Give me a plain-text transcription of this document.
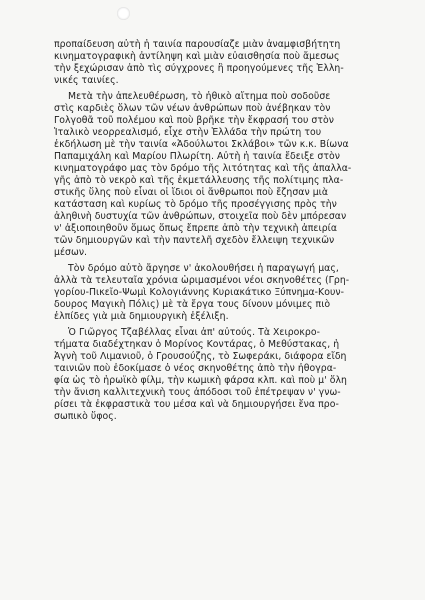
προπαίδευση αὐτὴ ἡ ταινία παρουσίαζε μιὰν ἀναμφισβήτητη
κινηματογραφικὴ ἀντίληψη καὶ μιὰν εὐαισθησία ποὺ ἄμεσως
τὴν ξεχώρισαν ἀπὸ τὶς σύγχρονες ἢ προηγούμενες τῆς Ἑλλη-
νικές ταινίες.
Μετὰ τὴν ἀπελευθέρωση, τὸ ἠθικὸ αἴτημα ποὺ σοδοῦσε
στὶς καρδιὲς ὅλων τῶν νέων ἀνθρώπων ποὺ ἀνέβηκαν τὸν
Γολγοθᾶ τοῦ πολέμου καὶ ποὺ βρῆκε τὴν ἔκφρασή του στὸν
Ἰταλικὸ νεορρεαλισμό, εἶχε στὴν Ἑλλάδα τὴν πρώτη του
ἐκδήλωση μὲ τὴν ταινία «Ἀδούλωτοι Σκλάβοι» τῶν κ.κ. Βίωνα
Παπαμιχάλη καὶ Μαρίου Πλωρίτη. Αὐτὴ ἡ ταινία ἔδειξε στὸν
κινηματογράφο μας τὸν δρόμο τῆς λιτότητας καὶ τῆς ἀπαλλα-
γῆς ἀπὸ τὸ νεκρὸ καὶ τῆς ἐκμετάλλευσης τῆς πολίτιμης πλα-
στικῆς ὕλης ποὺ εἶναι οἱ ἴδιοι οἱ ἄνθρωποι ποὺ ἔζησαν μιὰ
κατάσταση καὶ κυρίως τὸ δρόμο τῆς προσέγγισης πρὸς τὴν
ἀληθινὴ δυστυχία τῶν ἀνθρώπων, στοιχεῖα ποὺ δὲν μπόρεσαν
ν' ἀξιοποιηθοῦν ὅμως ὅπως ἔπρεπε ἀπὸ τὴν τεχνικὴ ἀπειρία
τῶν δημιουργῶν καὶ τὴν παντελῆ σχεδὸν ἔλλειψη τεχνικῶν
μέσων.
Τὸν δρόμο αὐτὸ ἄργησε ν' ἀκολουθήσει ἡ παραγωγή μας,
ἀλλὰ τὰ τελευταῖα χρόνια ὡριμασμένοι νέοι σκηνοθέτες (Γρη-
γορίου-Πικεῖο-Ψωμὶ Κολογιάννης Κυριακάτικο Ξύπνημα-Κουν-
δουρος Μαγικὴ Πόλις) μὲ τὰ ἔργα τους δίνουν μόνιμες πιὸ
ἐλπίδες γιὰ μιὰ δημιουργικὴ ἐξέλιξη.
Ὁ Γιῶργος Τζαβέλλας εἶναι ἀπ' αὐτούς. Τὰ Χειροκρο-
τήματα διαδέχτηκαν ὁ Μορίνος Κοντάρας, ὁ Μεθύστακας, ἡ
Ἀγνὴ τοῦ Λιμανιοῦ, ὁ Γρουσούζης, τὸ Σωφεράκι, διάφορα εἴδη
ταινιῶν ποὺ ἐδοκίμασε ὁ νέος σκηνοθέτης ἀπὸ τὴν ἠθογρα-
φία ὡς τὸ ἡρωϊκὸ φίλμ, τὴν κωμικὴ φάρσα κλπ. καὶ ποὺ μ' ὅλη
τὴν ἄνιση καλλιτεχνικὴ τους ἀπόδοσι τοῦ ἐπέτρεψαν ν' γνω-
ρίσει τὰ ἐκφραστικὰ του μέσα καὶ νὰ δημιουργήσει ἕνα προ-
σωπικὸ ὕφος.
